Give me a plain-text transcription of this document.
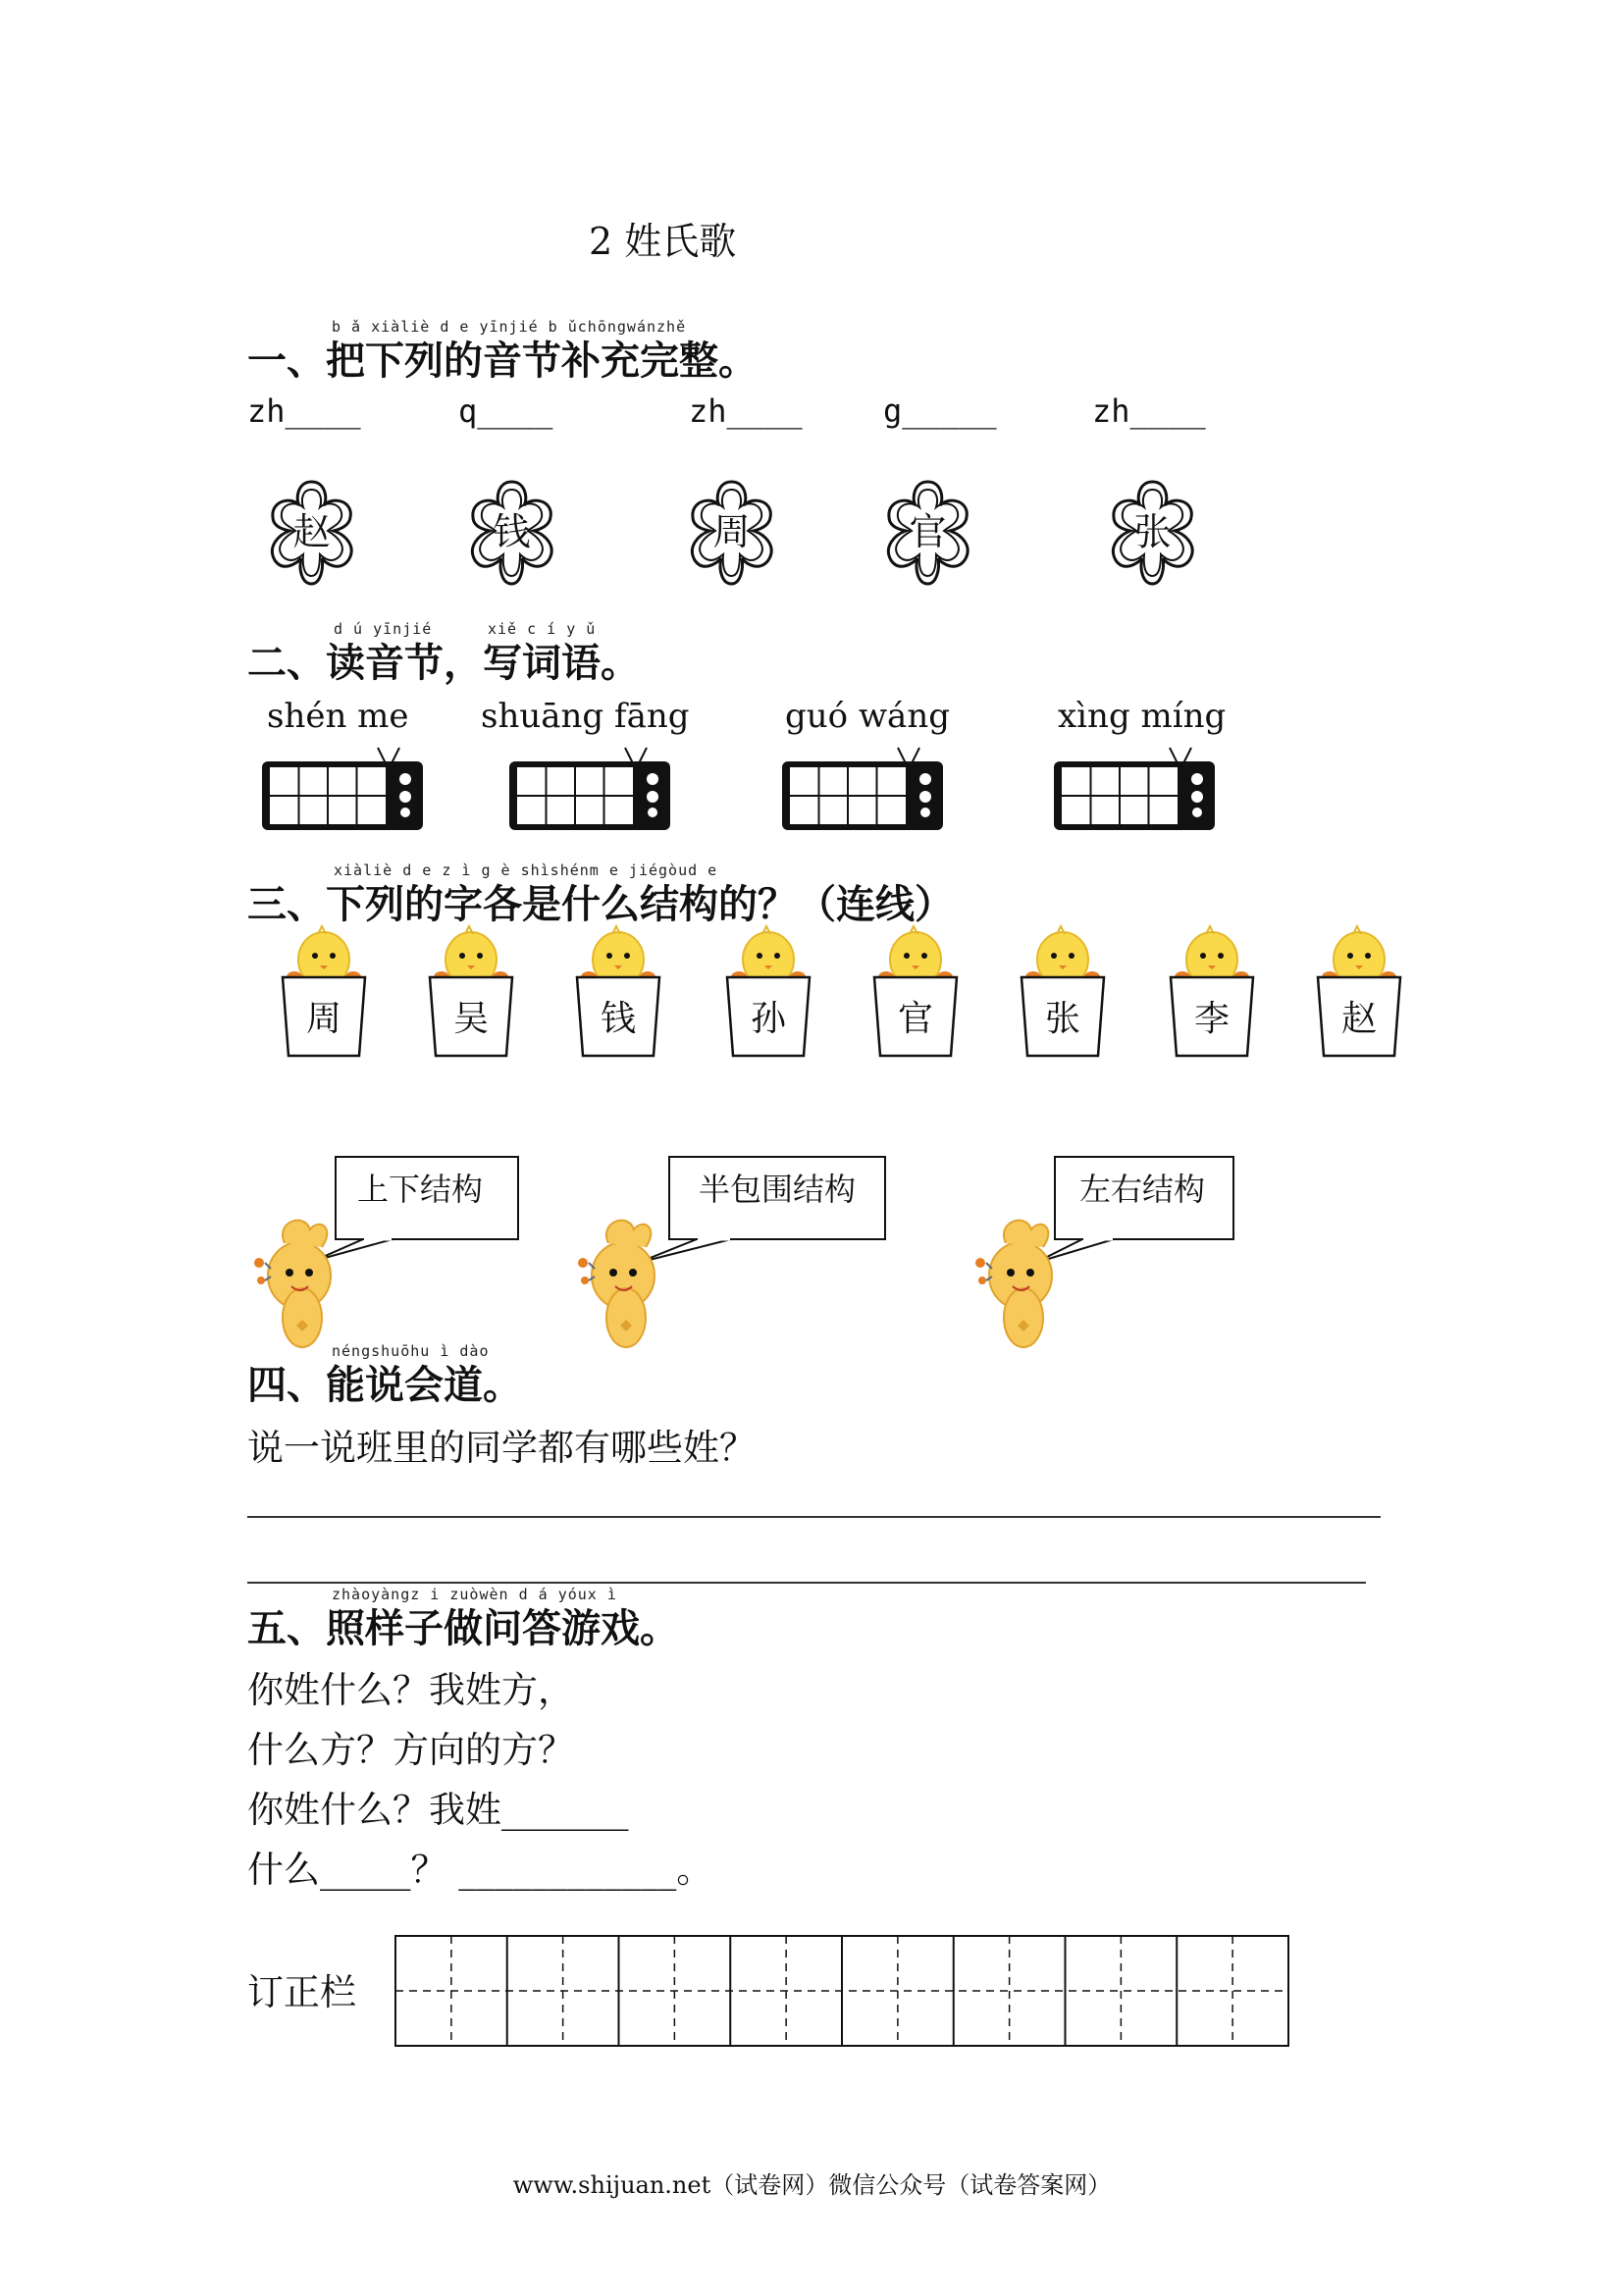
2 姓氏歌
b ǎ xiàliè d e yīnjié b ǔchōngwánzhě
一、把下列的音节补充完整。
zh____	q____	zh____	g_____	zh____
赵	钱	周	官	张
d ú yīnjié	xiě c í y ǔ
二、读音节，写词语。
shén me shuāng fāng	guó wáng	xìng míng
xiàliè d e z ì g è shìshénm e jiégòud e
三、下列的字各是什么结构的？（连线）
周	吴	钱	孙	官	张	李	赵
上下结构	半包围结构	左右结构
néngshuōhu ì dào
四、能说会道。
说一说班里的同学都有哪些姓？
zhàoyàngz i zuòwèn d á yóux ì
五、照样子做问答游戏。
你姓什么？我姓方，
什么方？方向的方？
你姓什么？我姓_______
什么_____？ ____________。
订正栏
www.shijuan.net（试卷网）微信公众号（试卷答案网）
